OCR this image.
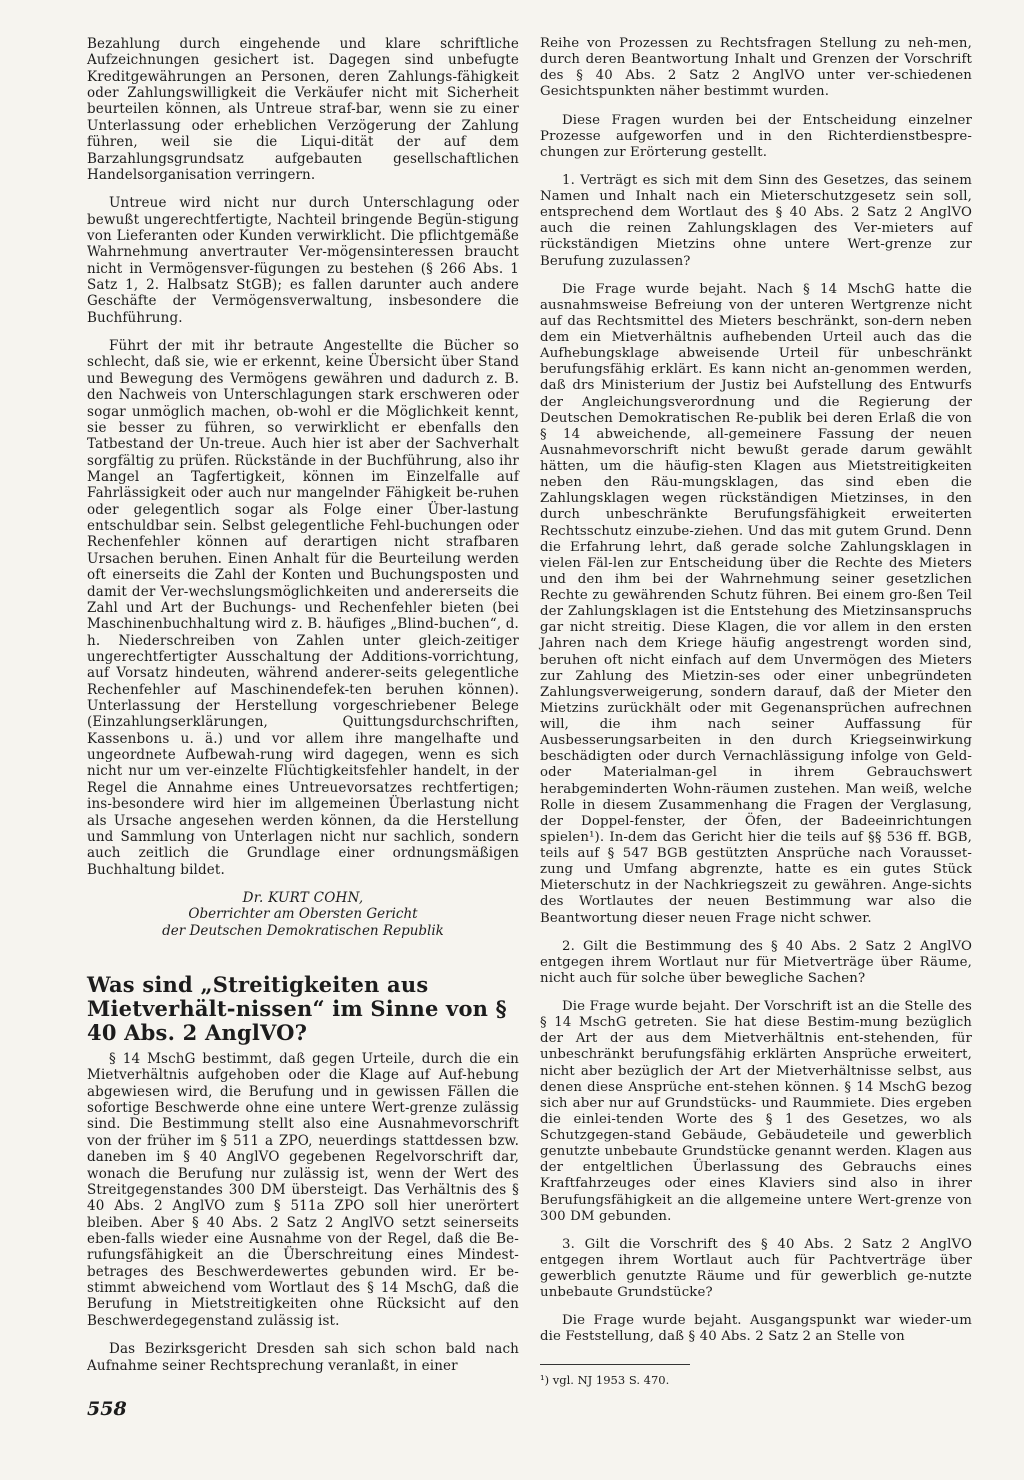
Bezahlung durch eingehende und klare schriftliche Aufzeichnungen gesichert ist. Dagegen sind unbefugte Kreditgewährungen an Personen, deren Zahlungs-fähigkeit oder Zahlungswilligkeit die Verkäufer nicht mit Sicherheit beurteilen können, als Untreue straf-bar, wenn sie zu einer Unterlassung oder erheblichen Verzögerung der Zahlung führen, weil sie die Liqui-dität der auf dem Barzahlungsgrundsatz aufgebauten gesellschaftlichen Handelsorganisation verringern.

Untreue wird nicht nur durch Unterschlagung oder bewußt ungerechtfertigte, Nachteil bringende Begün-stigung von Lieferanten oder Kunden verwirklicht. Die pflichtgemäße Wahrnehmung anvertrauter Ver-mögensinteressen braucht nicht in Vermögensver-fügungen zu bestehen (§ 266 Abs. 1 Satz 1, 2. Halbsatz StGB); es fallen darunter auch andere Geschäfte der Vermögensverwaltung, insbesondere die Buchführung.

Führt der mit ihr betraute Angestellte die Bücher so schlecht, daß sie, wie er erkennt, keine Übersicht über Stand und Bewegung des Vermögens gewähren und dadurch z. B. den Nachweis von Unterschlagungen stark erschweren oder sogar unmöglich machen, ob-wohl er die Möglichkeit kennt, sie besser zu führen, so verwirklicht er ebenfalls den Tatbestand der Un-treue. Auch hier ist aber der Sachverhalt sorgfältig zu prüfen. Rückstände in der Buchführung, also ihr Mangel an Tagfertigkeit, können im Einzelfalle auf Fahrlässigkeit oder auch nur mangelnder Fähigkeit be-ruhen oder gelegentlich sogar als Folge einer Über-lastung entschuldbar sein. Selbst gelegentliche Fehl-buchungen oder Rechenfehler können auf derartigen nicht strafbaren Ursachen beruhen. Einen Anhalt für die Beurteilung werden oft einerseits die Zahl der Konten und Buchungsposten und damit der Ver-wechslungsmöglichkeiten und andererseits die Zahl und Art der Buchungs- und Rechenfehler bieten (bei Maschinenbuchhaltung wird z. B. häufiges „Blind-buchen“, d. h. Niederschreiben von Zahlen unter gleich-zeitiger ungerechtfertigter Ausschaltung der Additions-vorrichtung, auf Vorsatz hindeuten, während anderer-seits gelegentliche Rechenfehler auf Maschinendefek-ten beruhen können). Unterlassung der Herstellung vorgeschriebener Belege (Einzahlungserklärungen, Quittungsdurchschriften, Kassenbons u. ä.) und vor allem ihre mangelhafte und ungeordnete Aufbewah-rung wird dagegen, wenn es sich nicht nur um ver-einzelte Flüchtigkeitsfehler handelt, in der Regel die Annahme eines Untreuevorsatzes rechtfertigen; ins-besondere wird hier im allgemeinen Überlastung nicht als Ursache angesehen werden können, da die Herstellung und Sammlung von Unterlagen nicht nur sachlich, sondern auch zeitlich die Grundlage einer ordnungsmäßigen Buchhaltung bildet.

Dr. KURT COHN,
Oberrichter am Obersten Gericht
der Deutschen Demokratischen Republik
Was sind „Streitigkeiten aus Mietverhält-nissen“ im Sinne von § 40 Abs. 2 AnglVO?

§ 14 MschG bestimmt, daß gegen Urteile, durch die ein Mietverhältnis aufgehoben oder die Klage auf Auf-hebung abgewiesen wird, die Berufung und in gewissen Fällen die sofortige Beschwerde ohne eine untere Wert-grenze zulässig sind. Die Bestimmung stellt also eine Ausnahmevorschrift von der früher im § 511 a ZPO, neuerdings stattdessen bzw. daneben im § 40 AnglVO gegebenen Regelvorschrift dar, wonach die Berufung nur zulässig ist, wenn der Wert des Streitgegenstandes 300 DM übersteigt. Das Verhältnis des § 40 Abs. 2 AnglVO zum § 511a ZPO soll hier unerörtert bleiben. Aber § 40 Abs. 2 Satz 2 AnglVO setzt seinerseits eben-falls wieder eine Ausnahme von der Regel, daß die Be-rufungsfähigkeit an die Überschreitung eines Mindest-betrages des Beschwerdewertes gebunden wird. Er be-stimmt abweichend vom Wortlaut des § 14 MschG, daß die Berufung in Mietstreitigkeiten ohne Rücksicht auf den Beschwerdegegenstand zulässig ist.

Das Bezirksgericht Dresden sah sich schon bald nach Aufnahme seiner Rechtsprechung veranlaßt, in einer

Reihe von Prozessen zu Rechtsfragen Stellung zu neh-men, durch deren Beantwortung Inhalt und Grenzen der Vorschrift des § 40 Abs. 2 Satz 2 AnglVO unter ver-schiedenen Gesichtspunkten näher bestimmt wurden.

Diese Fragen wurden bei der Entscheidung einzelner Prozesse aufgeworfen und in den Richterdienstbespre-chungen zur Erörterung gestellt.

1. Verträgt es sich mit dem Sinn des Gesetzes, das seinem Namen und Inhalt nach ein Mieterschutzgesetz sein soll, entsprechend dem Wortlaut des § 40 Abs. 2 Satz 2 AnglVO auch die reinen Zahlungsklagen des Ver-mieters auf rückständigen Mietzins ohne untere Wert-grenze zur Berufung zuzulassen?

Die Frage wurde bejaht. Nach § 14 MschG hatte die ausnahmsweise Befreiung von der unteren Wertgrenze nicht auf das Rechtsmittel des Mieters beschränkt, son-dern neben dem ein Mietverhältnis aufhebenden Urteil auch das die Aufhebungsklage abweisende Urteil für unbeschränkt berufungsfähig erklärt. Es kann nicht an-genommen werden, daß drs Ministerium der Justiz bei Aufstellung des Entwurfs der Angleichungsverordnung und die Regierung der Deutschen Demokratischen Re-publik bei deren Erlaß die von § 14 abweichende, all-gemeinere Fassung der neuen Ausnahmevorschrift nicht bewußt gerade darum gewählt hätten, um die häufig-sten Klagen aus Mietstreitigkeiten neben den Räu-mungsklagen, das sind eben die Zahlungsklagen wegen rückständigen Mietzinses, in den durch unbeschränkte Berufungsfähigkeit erweiterten Rechtsschutz einzube-ziehen. Und das mit gutem Grund. Denn die Erfahrung lehrt, daß gerade solche Zahlungsklagen in vielen Fäl-len zur Entscheidung über die Rechte des Mieters und den ihm bei der Wahrnehmung seiner gesetzlichen Rechte zu gewährenden Schutz führen. Bei einem gro-ßen Teil der Zahlungsklagen ist die Entstehung des Mietzinsanspruchs gar nicht streitig. Diese Klagen, die vor allem in den ersten Jahren nach dem Kriege häufig angestrengt worden sind, beruhen oft nicht einfach auf dem Unvermögen des Mieters zur Zahlung des Mietzin-ses oder einer unbegründeten Zahlungsverweigerung, sondern darauf, daß der Mieter den Mietzins zurückhält oder mit Gegenansprüchen aufrechnen will, die ihm nach seiner Auffassung für Ausbesserungsarbeiten in den durch Kriegseinwirkung beschädigten oder durch Vernachlässigung infolge von Geld- oder Materialman-gel in ihrem Gebrauchswert herabgeminderten Wohn-räumen zustehen. Man weiß, welche Rolle in diesem Zusammenhang die Fragen der Verglasung, der Doppel-fenster, der Öfen, der Badeeinrichtungen spielen¹). In-dem das Gericht hier die teils auf §§ 536 ff. BGB, teils auf § 547 BGB gestützten Ansprüche nach Vorausset-zung und Umfang abgrenzte, hatte es ein gutes Stück Mieterschutz in der Nachkriegszeit zu gewähren. Ange-sichts des Wortlautes der neuen Bestimmung war also die Beantwortung dieser neuen Frage nicht schwer.

2. Gilt die Bestimmung des § 40 Abs. 2 Satz 2 AnglVO entgegen ihrem Wortlaut nur für Mietverträge über Räume, nicht auch für solche über bewegliche Sachen?

Die Frage wurde bejaht. Der Vorschrift ist an die Stelle des § 14 MschG getreten. Sie hat diese Bestim-mung bezüglich der Art der aus dem Mietverhältnis ent-stehenden, für unbeschränkt berufungsfähig erklärten Ansprüche erweitert, nicht aber bezüglich der Art der Mietverhältnisse selbst, aus denen diese Ansprüche ent-stehen können. § 14 MschG bezog sich aber nur auf Grundstücks- und Raummiete. Dies ergeben die einlei-tenden Worte des § 1 des Gesetzes, wo als Schutzgegen-stand Gebäude, Gebäudeteile und gewerblich genutzte unbebaute Grundstücke genannt werden. Klagen aus der entgeltlichen Überlassung des Gebrauchs eines Kraftfahrzeuges oder eines Klaviers sind also in ihrer Berufungsfähigkeit an die allgemeine untere Wert-grenze von 300 DM gebunden.

3. Gilt die Vorschrift des § 40 Abs. 2 Satz 2 AnglVO entgegen ihrem Wortlaut auch für Pachtverträge über gewerblich genutzte Räume und für gewerblich ge-nutzte unbebaute Grundstücke?

Die Frage wurde bejaht. Ausgangspunkt war wieder-um die Feststellung, daß § 40 Abs. 2 Satz 2 an Stelle von

¹) vgl. NJ 1953 S. 470.

558
